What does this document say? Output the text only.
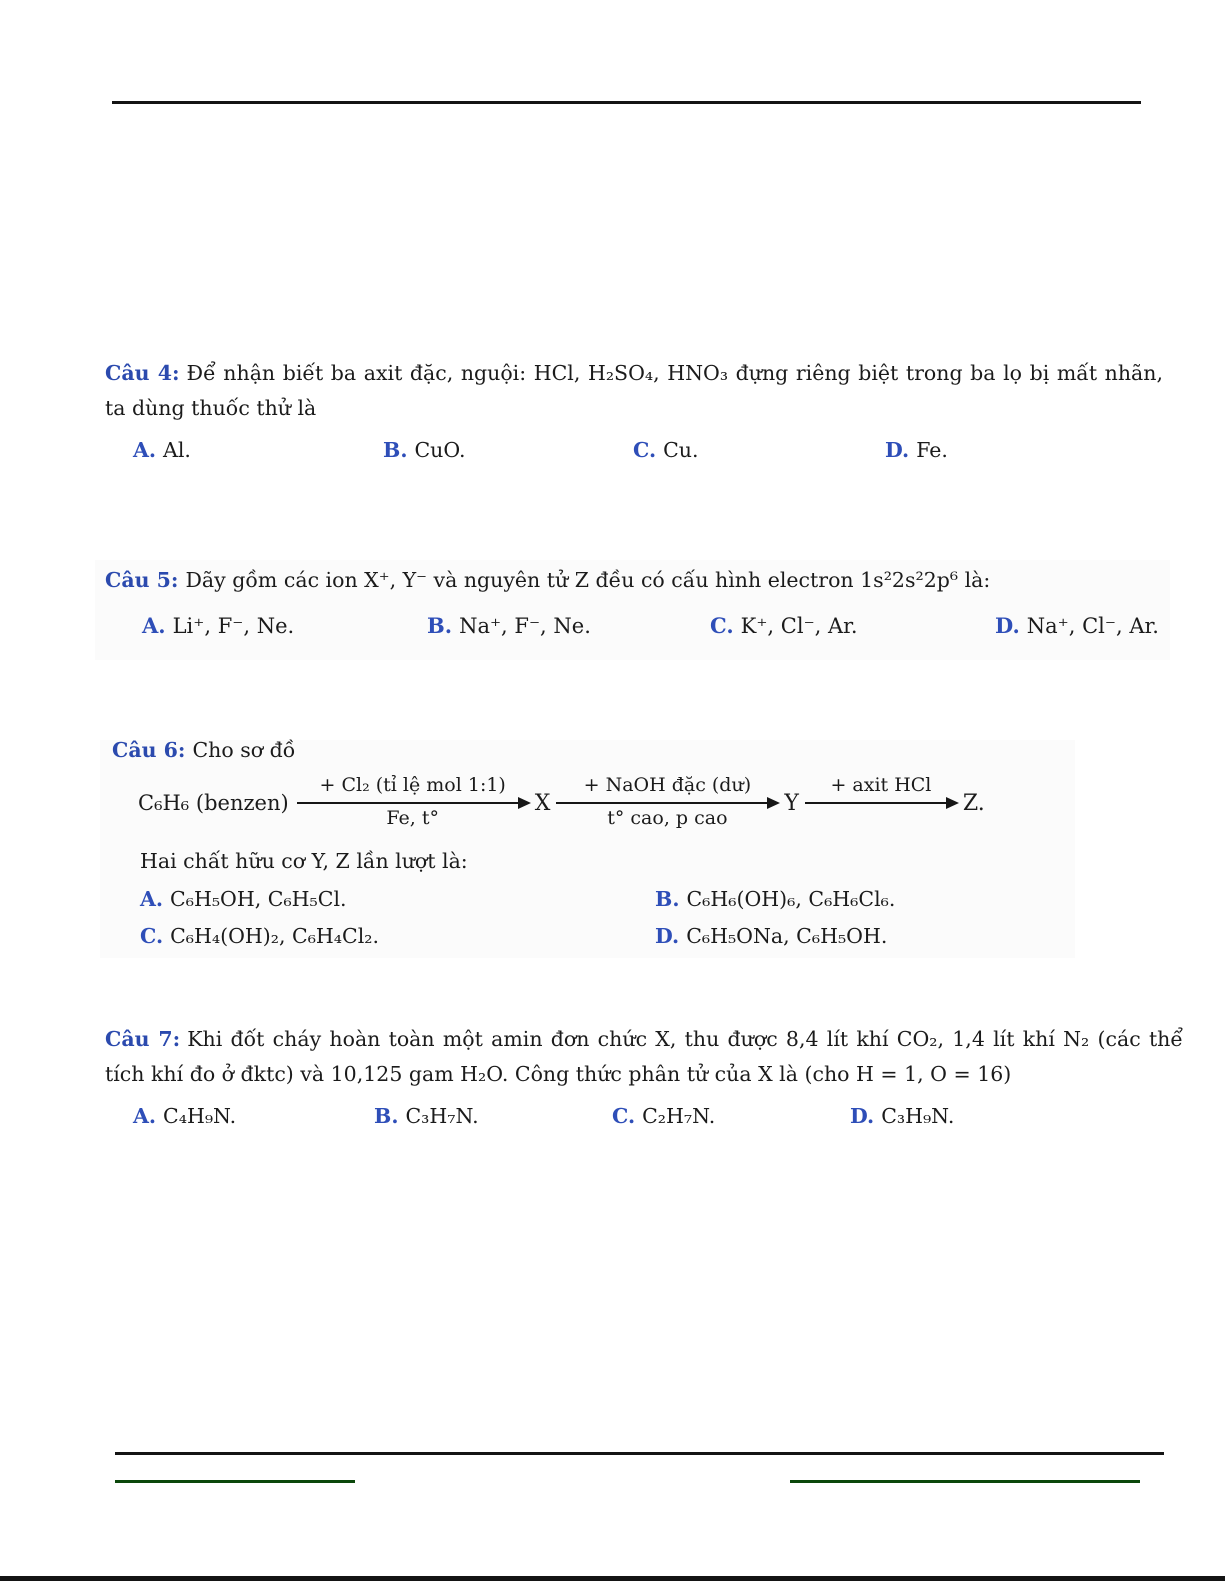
Câu 4: Để nhận biết ba axit đặc, nguội: HCl, H₂SO₄, HNO₃ đựng riêng biệt trong ba lọ bị mất nhãn, ta dùng thuốc thử là

A. Al.	B. CuO.	C. Cu.	D. Fe.

Câu 5: Dãy gồm các ion X⁺, Y⁻ và nguyên tử Z đều có cấu hình electron 1s²2s²2p⁶ là:

A. Li⁺, F⁻, Ne.	B. Na⁺, F⁻, Ne.	C. K⁺, Cl⁻, Ar.	D. Na⁺, Cl⁻, Ar.

Câu 6: Cho sơ đồ

C₆H₆ (benzen)
+ Cl₂ (tỉ lệ mol 1:1)
Fe, t°
X
+ NaOH đặc (dư)
t° cao, p cao
Y
+ axit HCl
Z.

Hai chất hữu cơ Y, Z lần lượt là:

A. C₆H₅OH, C₆H₅Cl.	B. C₆H₆(OH)₆, C₆H₆Cl₆.
C. C₆H₄(OH)₂, C₆H₄Cl₂.	D. C₆H₅ONa, C₆H₅OH.

Câu 7: Khi đốt cháy hoàn toàn một amin đơn chức X, thu được 8,4 lít khí CO₂, 1,4 lít khí N₂ (các thể tích khí đo ở đktc) và 10,125 gam H₂O. Công thức phân tử của X là (cho H = 1, O = 16)

A. C₄H₉N.	B. C₃H₇N.	C. C₂H₇N.	D. C₃H₉N.
